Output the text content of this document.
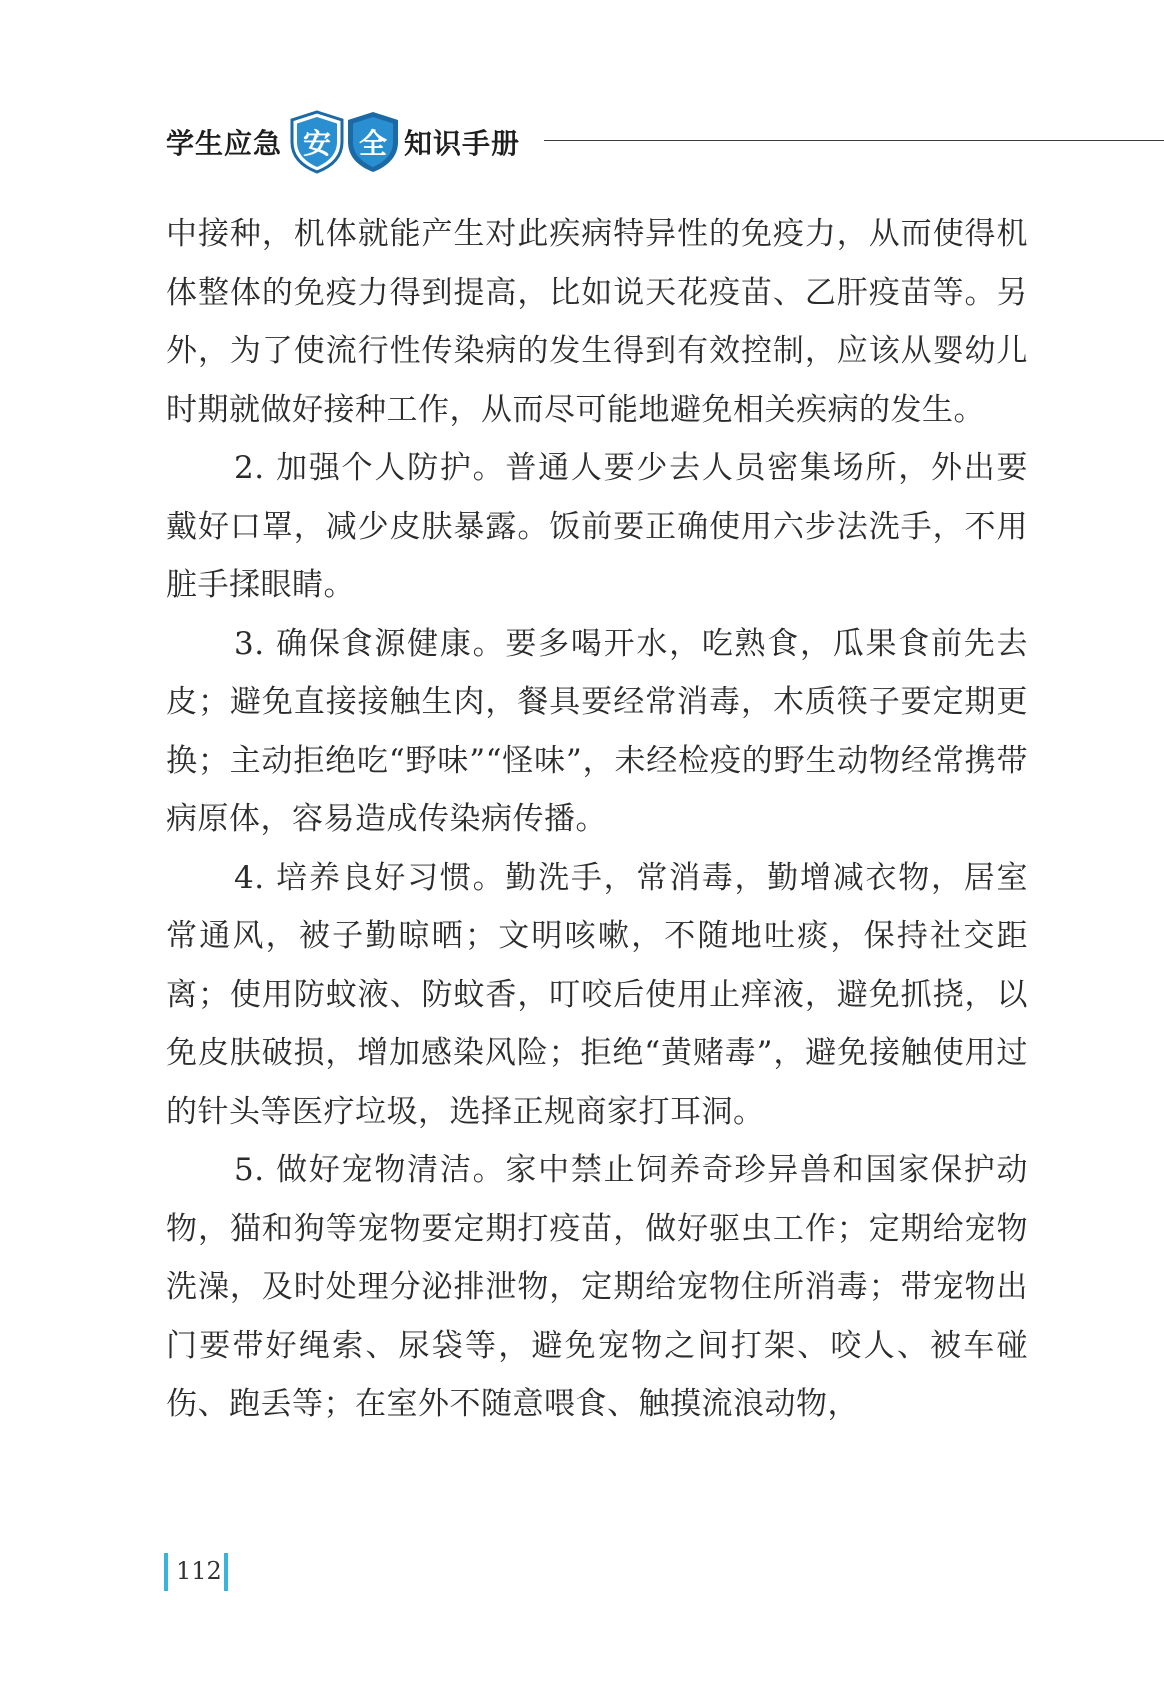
学生应急 安 全 知识手册

中接种，机体就能产生对此疾病特异性的免疫力，从而使得机体整体的免疫力得到提高，比如说天花疫苗、乙肝疫苗等。另外，为了使流行性传染病的发生得到有效控制，应该从婴幼儿时期就做好接种工作，从而尽可能地避免相关疾病的发生。

2. 加强个人防护。普通人要少去人员密集场所，外出要戴好口罩，减少皮肤暴露。饭前要正确使用六步法洗手，不用脏手揉眼睛。

3. 确保食源健康。要多喝开水，吃熟食，瓜果食前先去皮；避免直接接触生肉，餐具要经常消毒，木质筷子要定期更换；主动拒绝吃“野味”“怪味”，未经检疫的野生动物经常携带病原体，容易造成传染病传播。

4. 培养良好习惯。勤洗手，常消毒，勤增减衣物，居室常通风，被子勤晾晒；文明咳嗽，不随地吐痰，保持社交距离；使用防蚊液、防蚊香，叮咬后使用止痒液，避免抓挠，以免皮肤破损，增加感染风险；拒绝“黄赌毒”，避免接触使用过的针头等医疗垃圾，选择正规商家打耳洞。

5. 做好宠物清洁。家中禁止饲养奇珍异兽和国家保护动物，猫和狗等宠物要定期打疫苗，做好驱虫工作；定期给宠物洗澡，及时处理分泌排泄物，定期给宠物住所消毒；带宠物出门要带好绳索、尿袋等，避免宠物之间打架、咬人、被车碰伤、跑丢等；在室外不随意喂食、触摸流浪动物，

112
